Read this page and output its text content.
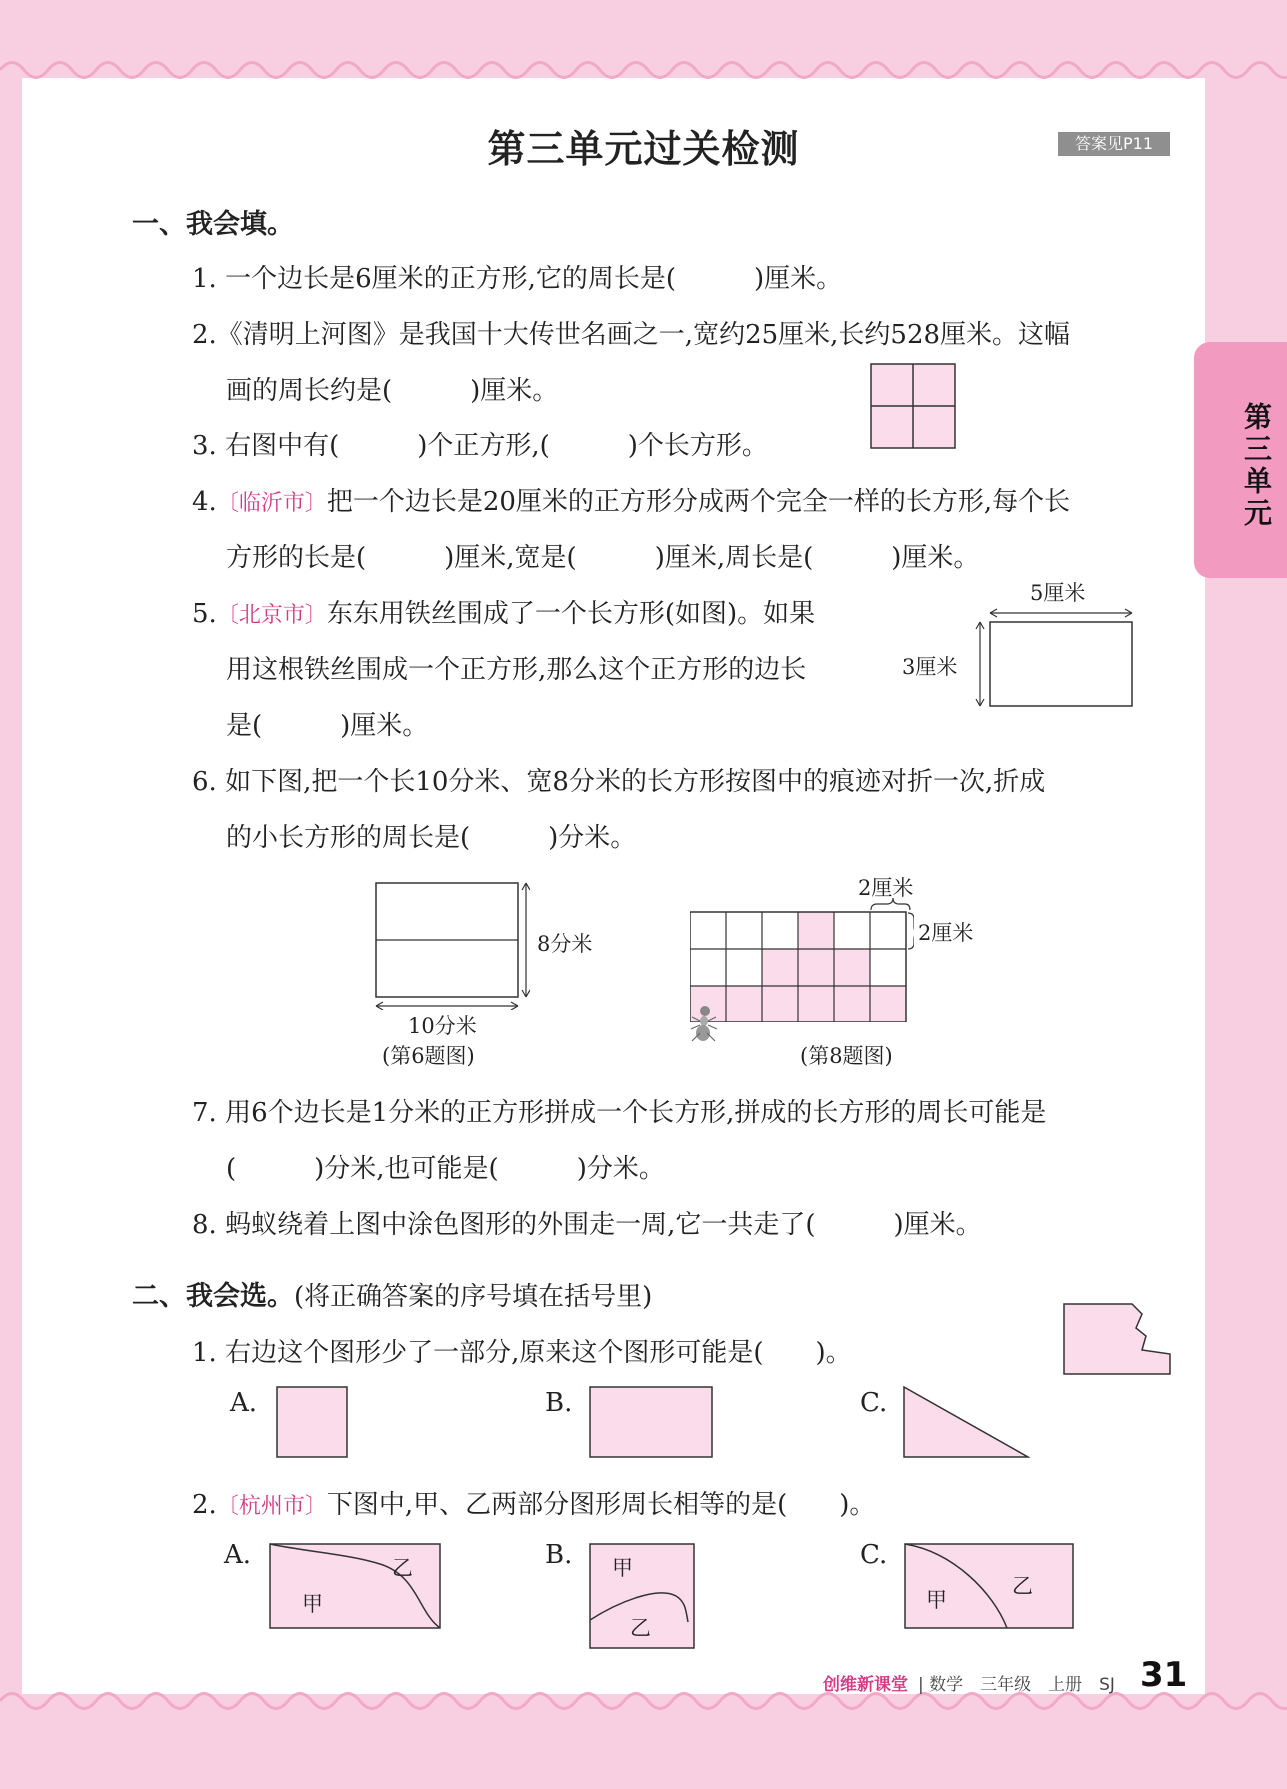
第三单元过关检测	答案见P11
第三单元
一、我会填。
1. 一个边长是6厘米的正方形,它的周长是(　　　)厘米。
2.《清明上河图》是我国十大传世名画之一,宽约25厘米,长约528厘米。这幅
画的周长约是(　　　)厘米。
3. 右图中有(　　　)个正方形,(　　　)个长方形。
4.〔临沂市〕把一个边长是20厘米的正方形分成两个完全一样的长方形,每个长
方形的长是(　　　)厘米,宽是(　　　)厘米,周长是(　　　)厘米。
5.〔北京市〕东东用铁丝围成了一个长方形(如图)。如果
用这根铁丝围成一个正方形,那么这个正方形的边长
是(　　　)厘米。
5厘米
3厘米
6. 如下图,把一个长10分米、宽8分米的长方形按图中的痕迹对折一次,折成
的小长方形的周长是(　　　)分米。
8分米
10分米
(第6题图)
2厘米
2厘米
(第8题图)
7. 用6个边长是1分米的正方形拼成一个长方形,拼成的长方形的周长可能是
(　　　)分米,也可能是(　　　)分米。
8. 蚂蚁绕着上图中涂色图形的外围走一周,它一共走了(　　　)厘米。
二、我会选。(将正确答案的序号填在括号里)
1. 右边这个图形少了一部分,原来这个图形可能是(　　)。
A.	B.	C.
2.〔杭州市〕下图中,甲、乙两部分图形周长相等的是(　　)。
A.	乙
甲
B. 甲
乙
C.
乙
甲
创维新课堂 | 数学　三年级　上册　SJ 31
